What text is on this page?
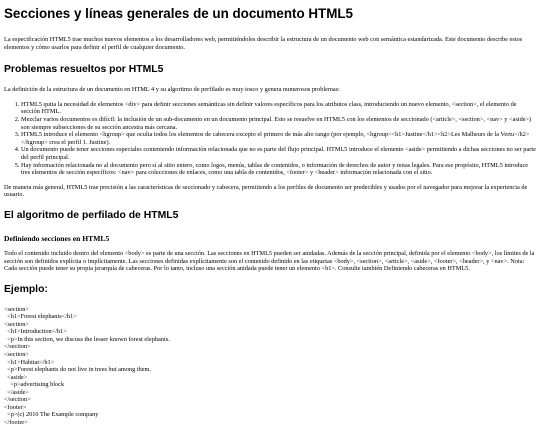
Secciones y líneas generales de un documento HTML5

La especificación HTML5 trae muchos nuevos elementos a los desarrolladores web, permitiéndoles describir la estructura de un documento web con semántica estandarizada. Este documento describe estos elementos y cómo usarlos para definir el perfil de cualquier documento.

Problemas resueltos por HTML5

La definición de la estructura de un documento en HTML 4 y su algoritmo de perfilado es muy tosco y genera numerosos problemas:

1. HTML5 quita la necesidad de elementos <div> para definir secciones semánticas sin definir valores específicos para los atributos class, introduciendo un nuevo elemento, <section>, el elemento de sección HTML.
2. Mezclar varios documentos es difícil: la inclusión de un sub-documento en un documento principal. Esto se resuelve en HTML5 con los elementos de seccionado (<article>, <section>, <nav> y <aside>) son siempre subsecciones de su sección ancestra más cercana.
3. HTML5 introduce el elemento <hgroup> que oculta todos los elementos de cabecera excepto el primero de más alto rango (por ejemplo, <hgroup><h1>Justine</h1><h2>Les Malheurs de la Vertu</h2></hgroup> crea el perfil 1. Justine).
4. Un documento puede tener secciones especiales conteniendo información relacionada que no es parte del flujo principal. HTML5 introduce el elemento <aside> permitiendo a dichas secciones no ser parte del perfil principal.
5. Hay información relacionada no al documento pero sí al sitio entero, como logos, menús, tablas de contenidos, o información de derechos de autor y notas legales. Para ese propósito, HTML5 introduce tres elementos de sección específicos: <nav> para colecciones de enlaces, como una tabla de contenidos, <footer> y <header> información relacionada con el sitio.

De manera más general, HTML5 trae precisión a las características de seccionado y cabecera, permitiendo a los perfiles de documento ser predecibles y usados por el navegador para mejorar la experiencia de usuario.

El algoritmo de perfilado de HTML5
Definiendo secciones en HTML5

Todo el contenido incluido dentro del elemento <body> es parte de una sección. Las secciones en HTML5 pueden ser anidadas. Además de la sección principal, definida por el elemento <body>, los límites de la sección son definidos explícita o implícitamente. Las secciones definidas explícitamente son el contenido definido en las etiquetas <body>, <section>, <article>, <aside>, <footer>, <header>, y <nav>. Nota: Cada sección puede tener su propia jerarquía de cabeceras. Por lo tanto, incluso una sección anidada puede tener un elemento <h1>. Consulte también Definiendo cabeceras en HTML5.

Ejemplo:
<section>
<h1>Forest elephants</h1>
<section>
<h1>Introduction</h1>
<p>In this section, we discuss the lesser known forest elephants.
</section>
<section>
<h1>Habitat</h1>
<p>Forest elephants do not live in trees but among them.
<aside>
<p>advertising block
</aside>
</section>
<footer>
<p>(c) 2010 The Example company
</footer>
